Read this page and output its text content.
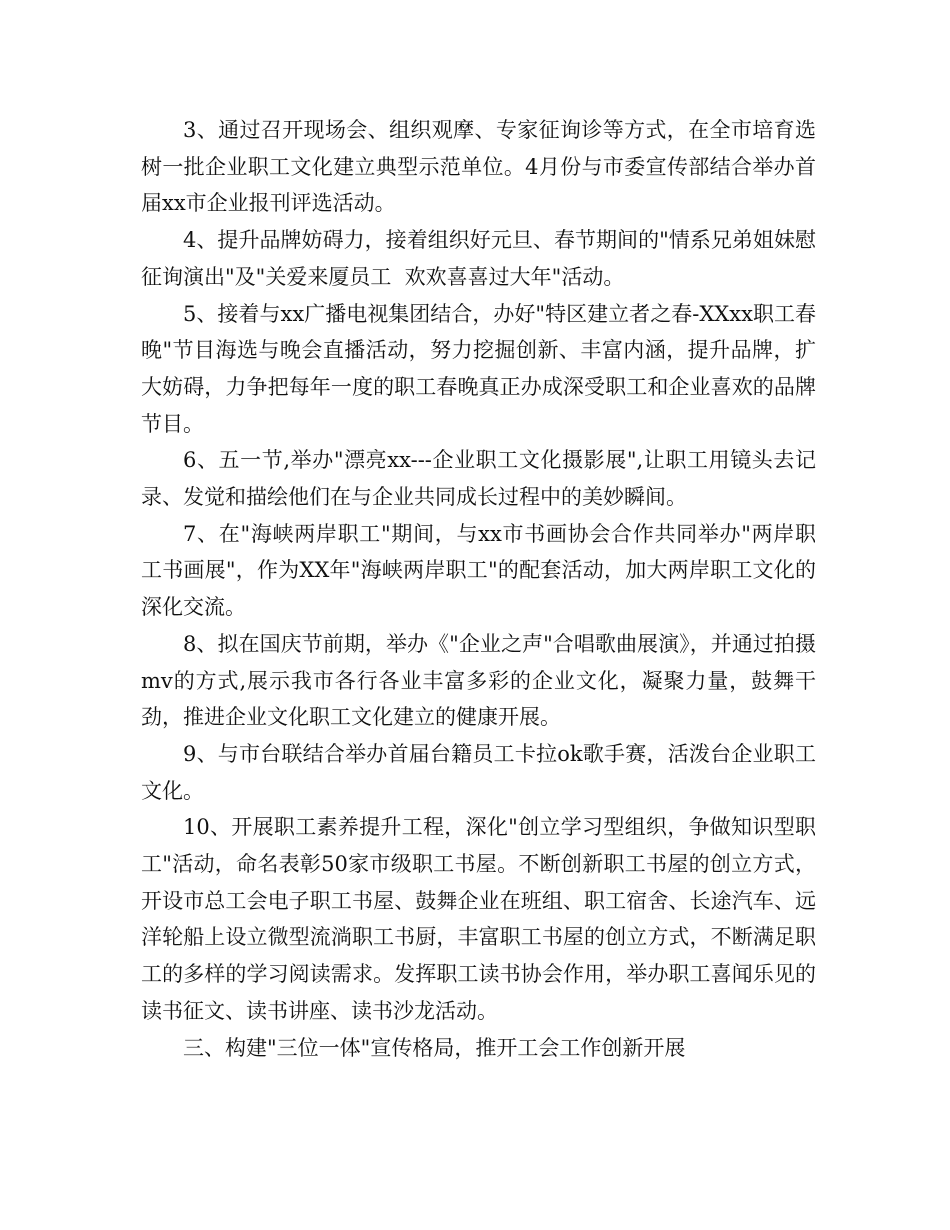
3、通过召开现场会、组织观摩、专家征询诊等方式，在全市培育选树一批企业职工文化建立典型示范单位。4月份与市委宣传部结合举办首届xx市企业报刊评选活动。

4、提升品牌妨碍力，接着组织好元旦、春节期间的"情系兄弟姐妹慰征询演出"及"关爱来厦员工  欢欢喜喜过大年"活动。

5、接着与xx广播电视集团结合，办好"特区建立者之春-XXxx职工春晚"节目海选与晚会直播活动，努力挖掘创新、丰富内涵，提升品牌，扩大妨碍，力争把每年一度的职工春晚真正办成深受职工和企业喜欢的品牌节目。

6、五一节,举办"漂亮xx---企业职工文化摄影展",让职工用镜头去记录、发觉和描绘他们在与企业共同成长过程中的美妙瞬间。

7、在"海峡两岸职工"期间，与xx市书画协会合作共同举办"两岸职工书画展"，作为XX年"海峡两岸职工"的配套活动，加大两岸职工文化的深化交流。

8、拟在国庆节前期，举办《"企业之声"合唱歌曲展演》，并通过拍摄mv的方式,展示我市各行各业丰富多彩的企业文化，凝聚力量，鼓舞干劲，推进企业文化职工文化建立的健康开展。

9、与市台联结合举办首届台籍员工卡拉ok歌手赛，活泼台企业职工文化。

10、开展职工素养提升工程，深化"创立学习型组织，争做知识型职工"活动，命名表彰50家市级职工书屋。不断创新职工书屋的创立方式，开设市总工会电子职工书屋、鼓舞企业在班组、职工宿舍、长途汽车、远洋轮船上设立微型流淌职工书厨，丰富职工书屋的创立方式，不断满足职工的多样的学习阅读需求。发挥职工读书协会作用，举办职工喜闻乐见的读书征文、读书讲座、读书沙龙活动。

三、构建"三位一体"宣传格局，推开工会工作创新开展
